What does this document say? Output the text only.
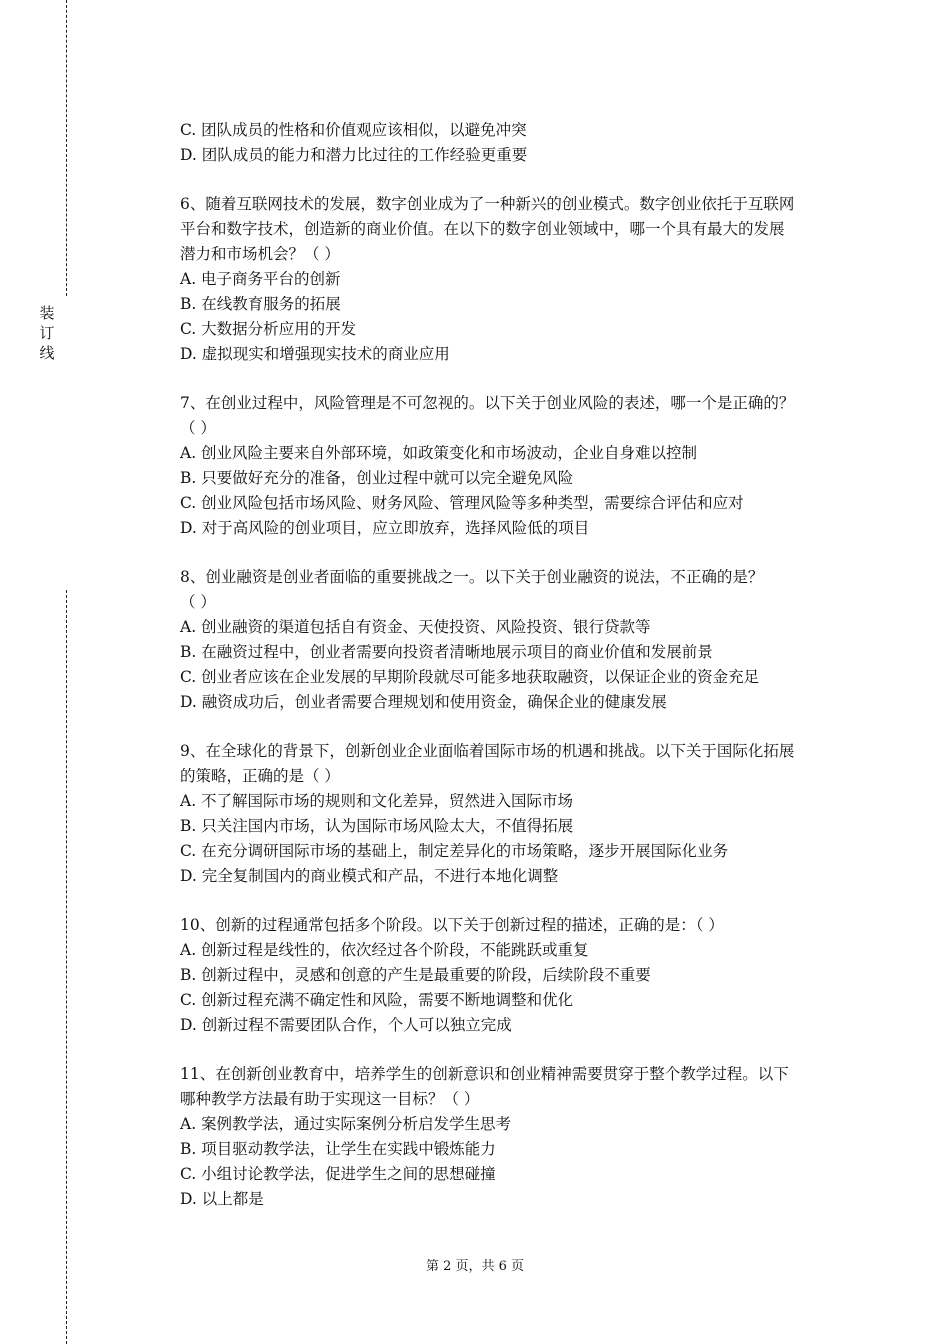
装
订
线
C. 团队成员的性格和价值观应该相似，以避免冲突
D. 团队成员的能力和潜力比过往的工作经验更重要
6、随着互联网技术的发展，数字创业成为了一种新兴的创业模式。数字创业依托于互联网
平台和数字技术，创造新的商业价值。在以下的数字创业领域中，哪一个具有最大的发展
潜力和市场机会？（ ）
A. 电子商务平台的创新
B. 在线教育服务的拓展
C. 大数据分析应用的开发
D. 虚拟现实和增强现实技术的商业应用
7、在创业过程中，风险管理是不可忽视的。以下关于创业风险的表述，哪一个是正确的？
（ ）
A. 创业风险主要来自外部环境，如政策变化和市场波动，企业自身难以控制
B. 只要做好充分的准备，创业过程中就可以完全避免风险
C. 创业风险包括市场风险、财务风险、管理风险等多种类型，需要综合评估和应对
D. 对于高风险的创业项目，应立即放弃，选择风险低的项目
8、创业融资是创业者面临的重要挑战之一。以下关于创业融资的说法，不正确的是？
（ ）
A. 创业融资的渠道包括自有资金、天使投资、风险投资、银行贷款等
B. 在融资过程中，创业者需要向投资者清晰地展示项目的商业价值和发展前景
C. 创业者应该在企业发展的早期阶段就尽可能多地获取融资，以保证企业的资金充足
D. 融资成功后，创业者需要合理规划和使用资金，确保企业的健康发展
9、在全球化的背景下，创新创业企业面临着国际市场的机遇和挑战。以下关于国际化拓展
的策略，正确的是（ ）
A. 不了解国际市场的规则和文化差异，贸然进入国际市场
B. 只关注国内市场，认为国际市场风险太大，不值得拓展
C. 在充分调研国际市场的基础上，制定差异化的市场策略，逐步开展国际化业务
D. 完全复制国内的商业模式和产品，不进行本地化调整
10、创新的过程通常包括多个阶段。以下关于创新过程的描述，正确的是：（ ）
A. 创新过程是线性的，依次经过各个阶段，不能跳跃或重复
B. 创新过程中，灵感和创意的产生是最重要的阶段，后续阶段不重要
C. 创新过程充满不确定性和风险，需要不断地调整和优化
D. 创新过程不需要团队合作，个人可以独立完成
11、在创新创业教育中，培养学生的创新意识和创业精神需要贯穿于整个教学过程。以下
哪种教学方法最有助于实现这一目标？（ ）
A. 案例教学法，通过实际案例分析启发学生思考
B. 项目驱动教学法，让学生在实践中锻炼能力
C. 小组讨论教学法，促进学生之间的思想碰撞
D. 以上都是
第 2 页，共 6 页
